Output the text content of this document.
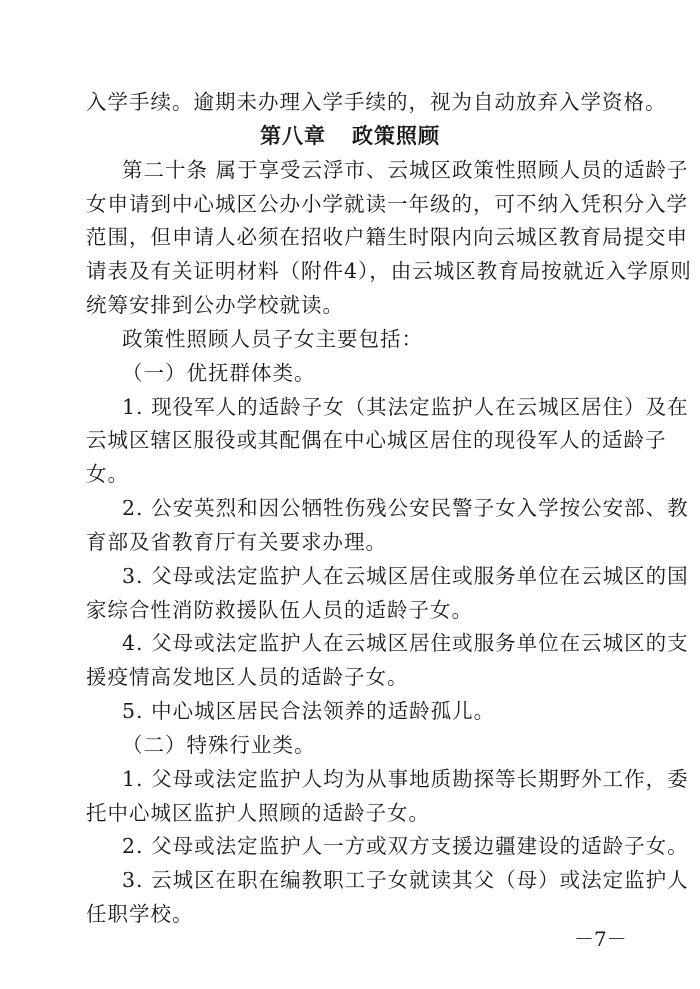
入学手续。逾期未办理入学手续的，视为自动放弃入学资格。
第八章 政策照顾
第二十条 属于享受云浮市、云城区政策性照顾人员的适龄子
女申请到中心城区公办小学就读一年级的，可不纳入凭积分入学
范围，但申请人必须在招收户籍生时限内向云城区教育局提交申
请表及有关证明材料（附件4），由云城区教育局按就近入学原则
统筹安排到公办学校就读。
政策性照顾人员子女主要包括：
（一）优抚群体类。
1. 现役军人的适龄子女（其法定监护人在云城区居住）及在
云城区辖区服役或其配偶在中心城区居住的现役军人的适龄子
女。
2. 公安英烈和因公牺牲伤残公安民警子女入学按公安部、教
育部及省教育厅有关要求办理。
3. 父母或法定监护人在云城区居住或服务单位在云城区的国
家综合性消防救援队伍人员的适龄子女。
4. 父母或法定监护人在云城区居住或服务单位在云城区的支
援疫情高发地区人员的适龄子女。
5. 中心城区居民合法领养的适龄孤儿。
（二）特殊行业类。
1. 父母或法定监护人均为从事地质勘探等长期野外工作，委
托中心城区监护人照顾的适龄子女。
2. 父母或法定监护人一方或双方支援边疆建设的适龄子女。
3. 云城区在职在编教职工子女就读其父（母）或法定监护人
任职学校。
－7－
